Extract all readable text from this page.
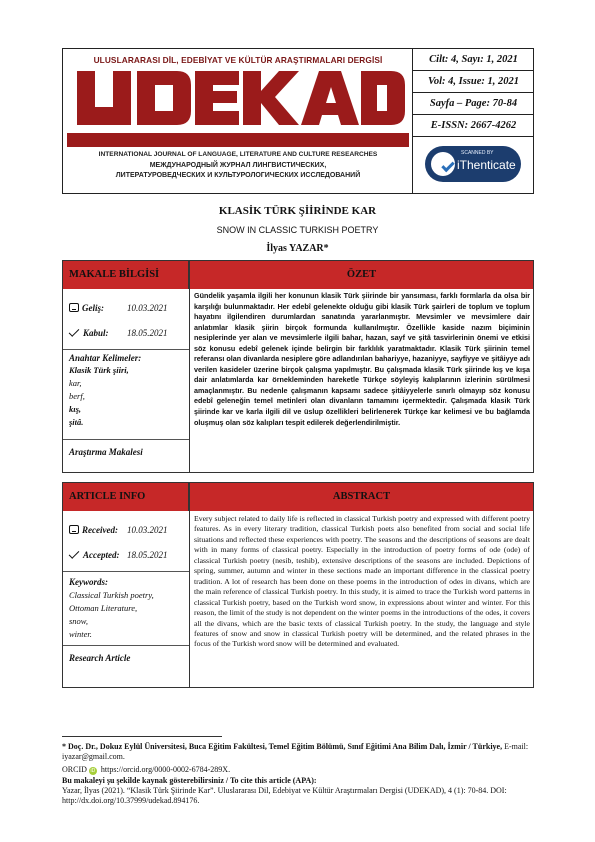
ULUSLARARASI DİL, EDEBİYAT VE KÜLTÜR ARAŞTIRMALARI DERGİSİ
INTERNATIONAL JOURNAL OF LANGUAGE, LITERATURE AND CULTURE RESEARCHES
МЕЖДУНАРОДНЫЙ ЖУРНАЛ ЛИНГВИСТИЧЕСКИХ,
ЛИТЕРАТУРОВЕДЧЕСКИХ И КУЛЬТУРОЛОГИЧЕСКИХ ИССЛЕДОВАНИЙ
Cilt: 4, Sayı: 1, 2021
Vol: 4, Issue: 1, 2021
Sayfa – Page: 70-84
E-ISSN: 2667-4262
SCANNED BY
iThenticate
KLASİK TÜRK ŞİİRİNDE KAR
SNOW IN CLASSIC TURKISH POETRY
İlyas YAZAR*
MAKALE BİLGİSİ	ÖZET
Geliş:	10.03.2021
Kabul: 18.05.2021
Anahtar Kelimeler:
Klasik Türk şiiri,
kar,
berf,
kış,
şitâ.
Araştırma Makalesi
Gündelik yaşamla ilgili her konunun klasik Türk şiirinde bir yansıması, farklı formlarla da olsa bir karşılığı bulunmaktadır. Her edebî gelenekte olduğu gibi klasik Türk şairleri de toplum ve toplum hayatını ilgilendiren durumlardan sanatında yararlanmıştır. Mevsimler ve mevsimlere dair anlatımlar klasik şiirin birçok formunda kullanılmıştır. Özellikle kaside nazım biçiminin nesiplerinde yer alan ve mevsimlerle ilgili bahar, hazan, sayf ve şitâ tasvirlerinin önemi ve etkisi söz konusu edebî gelenek içinde belirgin bir farklılık yaratmaktadır. Klasik Türk şiirinin temel referansı olan divanlarda nesiplere göre adlandırılan bahariyye, hazaniyye, sayfiyye ve şitâiyye adı verilen kasideler üzerine birçok çalışma yapılmıştır. Bu çalışmada klasik Türk şiirinde kış ve kışa dair anlatımlarda kar örnekleminden hareketle Türkçe söyleyiş kalıplarının izlerinin sürülmesi amaçlanmıştır. Bu nedenle çalışmanın kapsamı sadece şitâiyyelerle sınırlı olmayıp söz konusu edebî geleneğin temel metinleri olan divanların tamamını içermektedir. Çalışmada klasik Türk şiirinde kar ve karla ilgili dil ve üslup özellikleri belirlenerek Türkçe kar kelimesi ve bu bağlamda oluşmuş olan söz kalıpları tespit edilerek değerlendirilmiştir.
ARTICLE INFO	ABSTRACT
Received: 10.03.2021
Accepted: 18.05.2021
Keywords:
Classical Turkish poetry,
Ottoman Literature,
snow,
winter.
Research Article
Every subject related to daily life is reflected in classical Turkish poetry and expressed with different poetry features. As in every literary tradition, classical Turkish poets also benefited from social and social life situations and reflected these experiences with poetry. The seasons and the descriptions of seasons are dealt with in many forms of classical poetry. Especially in the introduction of poetry forms of ode (ode) of classical Turkish poetry (nesib, teshib), extensive descriptions of the seasons are included. Depictions of spring, summer, autumn and winter in these sections made an important difference in the classical poetry tradition. A lot of research has been done on these poems in the introduction of odes in divans, which are the main reference of classical Turkish poetry. In this study, it is aimed to trace the Turkish word patterns in classical Turkish poetry, based on the Turkish word snow, in expressions about winter and winter. For this reason, the limit of the study is not dependent on the winter poems in the introductions of the odes, it covers all the divans, which are the basic texts of classical Turkish poetry. In the study, the language and style features of snow and snow in classical Turkish poetry will be determined, and the related phrases in the focus of the Turkish word snow will be determined and evaluated.
* Doç. Dr., Dokuz Eylül Üniversitesi, Buca Eğitim Fakültesi, Temel Eğitim Bölümü, Sınıf Eğitimi Ana Bilim Dalı, İzmir / Türkiye, E-mail: iyazar@gmail.com.
ORCID iD https://orcid.org/0000-0002-6784-289X.
Bu makaleyi şu şekilde kaynak gösterebilirsiniz / To cite this article (APA):
Yazar, İlyas (2021). “Klasik Türk Şiirinde Kar”. Uluslararası Dil, Edebiyat ve Kültür Araştırmaları Dergisi (UDEKAD), 4 (1): 70-84. DOI: http://dx.doi.org/10.37999/udekad.894176.
